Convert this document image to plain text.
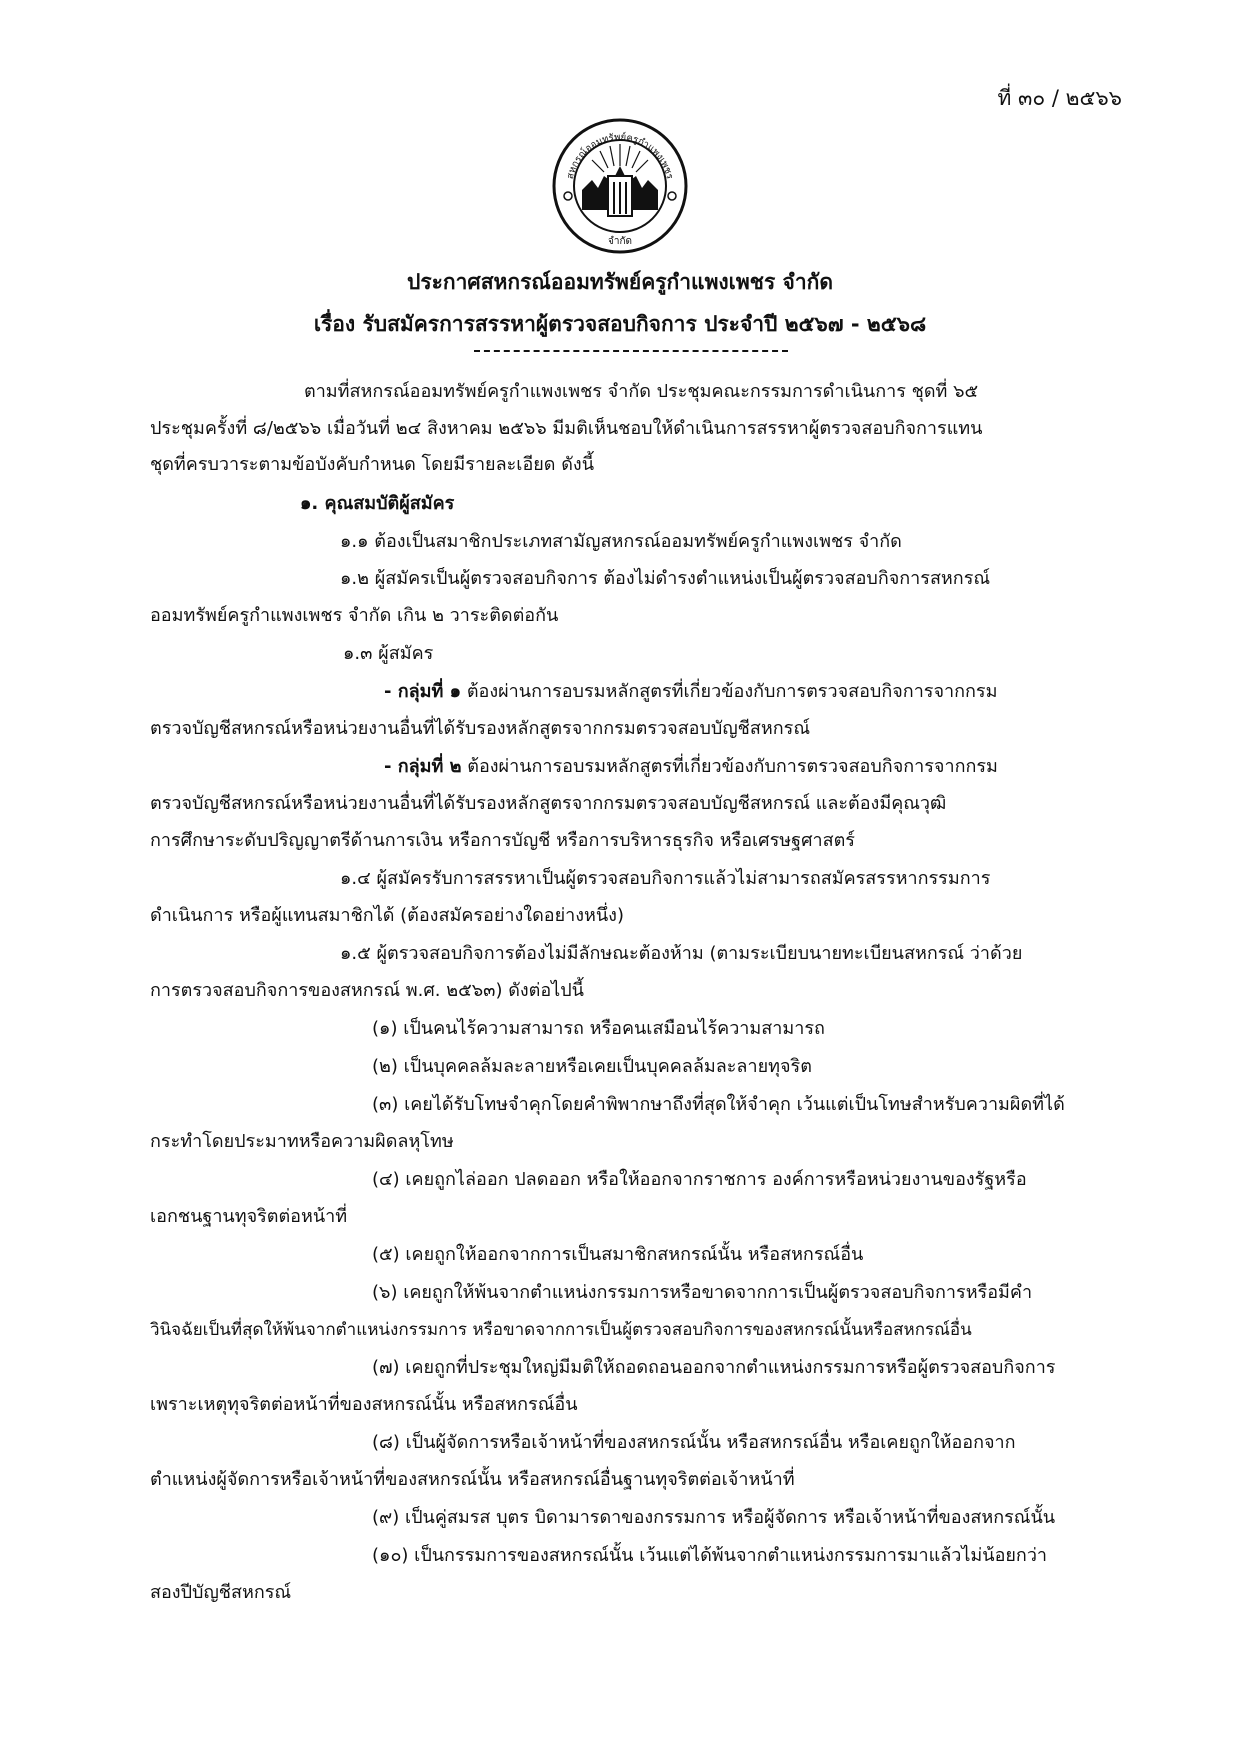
ที่ ๓๐ / ๒๕๖๖
สหกรณ์ออมทรัพย์ครูกำแพงเพชร
จำกัด
ประกาศสหกรณ์ออมทรัพย์ครูกำแพงเพชร จำกัด
เรื่อง รับสมัครการสรรหาผู้ตรวจสอบกิจการ ประจำปี ๒๕๖๗ - ๒๕๖๘
ตามที่สหกรณ์ออมทรัพย์ครูกำแพงเพชร จำกัด ประชุมคณะกรรมการดำเนินการ ชุดที่ ๖๕
ประชุมครั้งที่ ๘/๒๕๖๖ เมื่อวันที่ ๒๔ สิงหาคม ๒๕๖๖ มีมติเห็นชอบให้ดำเนินการสรรหาผู้ตรวจสอบกิจการแทน
ชุดที่ครบวาระตามข้อบังคับกำหนด โดยมีรายละเอียด ดังนี้
๑. คุณสมบัติผู้สมัคร
๑.๑ ต้องเป็นสมาชิกประเภทสามัญสหกรณ์ออมทรัพย์ครูกำแพงเพชร จำกัด
๑.๒ ผู้สมัครเป็นผู้ตรวจสอบกิจการ ต้องไม่ดำรงตำแหน่งเป็นผู้ตรวจสอบกิจการสหกรณ์
ออมทรัพย์ครูกำแพงเพชร จำกัด เกิน ๒ วาระติดต่อกัน
๑.๓ ผู้สมัคร
- กลุ่มที่ ๑ ต้องผ่านการอบรมหลักสูตรที่เกี่ยวข้องกับการตรวจสอบกิจการจากกรม
ตรวจบัญชีสหกรณ์หรือหน่วยงานอื่นที่ได้รับรองหลักสูตรจากกรมตรวจสอบบัญชีสหกรณ์
- กลุ่มที่ ๒ ต้องผ่านการอบรมหลักสูตรที่เกี่ยวข้องกับการตรวจสอบกิจการจากกรม
ตรวจบัญชีสหกรณ์หรือหน่วยงานอื่นที่ได้รับรองหลักสูตรจากกรมตรวจสอบบัญชีสหกรณ์ และต้องมีคุณวุฒิ
การศึกษาระดับปริญญาตรีด้านการเงิน หรือการบัญชี หรือการบริหารธุรกิจ หรือเศรษฐศาสตร์
๑.๔ ผู้สมัครรับการสรรหาเป็นผู้ตรวจสอบกิจการแล้วไม่สามารถสมัครสรรหากรรมการ
ดำเนินการ หรือผู้แทนสมาชิกได้ (ต้องสมัครอย่างใดอย่างหนึ่ง)
๑.๕ ผู้ตรวจสอบกิจการต้องไม่มีลักษณะต้องห้าม (ตามระเบียบนายทะเบียนสหกรณ์ ว่าด้วย
การตรวจสอบกิจการของสหกรณ์ พ.ศ. ๒๕๖๓) ดังต่อไปนี้
(๑) เป็นคนไร้ความสามารถ หรือคนเสมือนไร้ความสามารถ
(๒) เป็นบุคคลล้มละลายหรือเคยเป็นบุคคลล้มละลายทุจริต
(๓) เคยได้รับโทษจำคุกโดยคำพิพากษาถึงที่สุดให้จำคุก เว้นแต่เป็นโทษสำหรับความผิดที่ได้
กระทำโดยประมาทหรือความผิดลหุโทษ
(๔) เคยถูกไล่ออก ปลดออก หรือให้ออกจากราชการ องค์การหรือหน่วยงานของรัฐหรือ
เอกชนฐานทุจริตต่อหน้าที่
(๕) เคยถูกให้ออกจากการเป็นสมาชิกสหกรณ์นั้น หรือสหกรณ์อื่น
(๖) เคยถูกให้พ้นจากตำแหน่งกรรมการหรือขาดจากการเป็นผู้ตรวจสอบกิจการหรือมีคำ
วินิจฉัยเป็นที่สุดให้พ้นจากตำแหน่งกรรมการ หรือขาดจากการเป็นผู้ตรวจสอบกิจการของสหกรณ์นั้นหรือสหกรณ์อื่น
(๗) เคยถูกที่ประชุมใหญ่มีมติให้ถอดถอนออกจากตำแหน่งกรรมการหรือผู้ตรวจสอบกิจการ
เพราะเหตุทุจริตต่อหน้าที่ของสหกรณ์นั้น หรือสหกรณ์อื่น
(๘) เป็นผู้จัดการหรือเจ้าหน้าที่ของสหกรณ์นั้น หรือสหกรณ์อื่น หรือเคยถูกให้ออกจาก
ตำแหน่งผู้จัดการหรือเจ้าหน้าที่ของสหกรณ์นั้น หรือสหกรณ์อื่นฐานทุจริตต่อเจ้าหน้าที่
(๙) เป็นคู่สมรส บุตร บิดามารดาของกรรมการ หรือผู้จัดการ หรือเจ้าหน้าที่ของสหกรณ์นั้น
(๑๐) เป็นกรรมการของสหกรณ์นั้น เว้นแต่ได้พ้นจากตำแหน่งกรรมการมาแล้วไม่น้อยกว่า
สองปีบัญชีสหกรณ์
